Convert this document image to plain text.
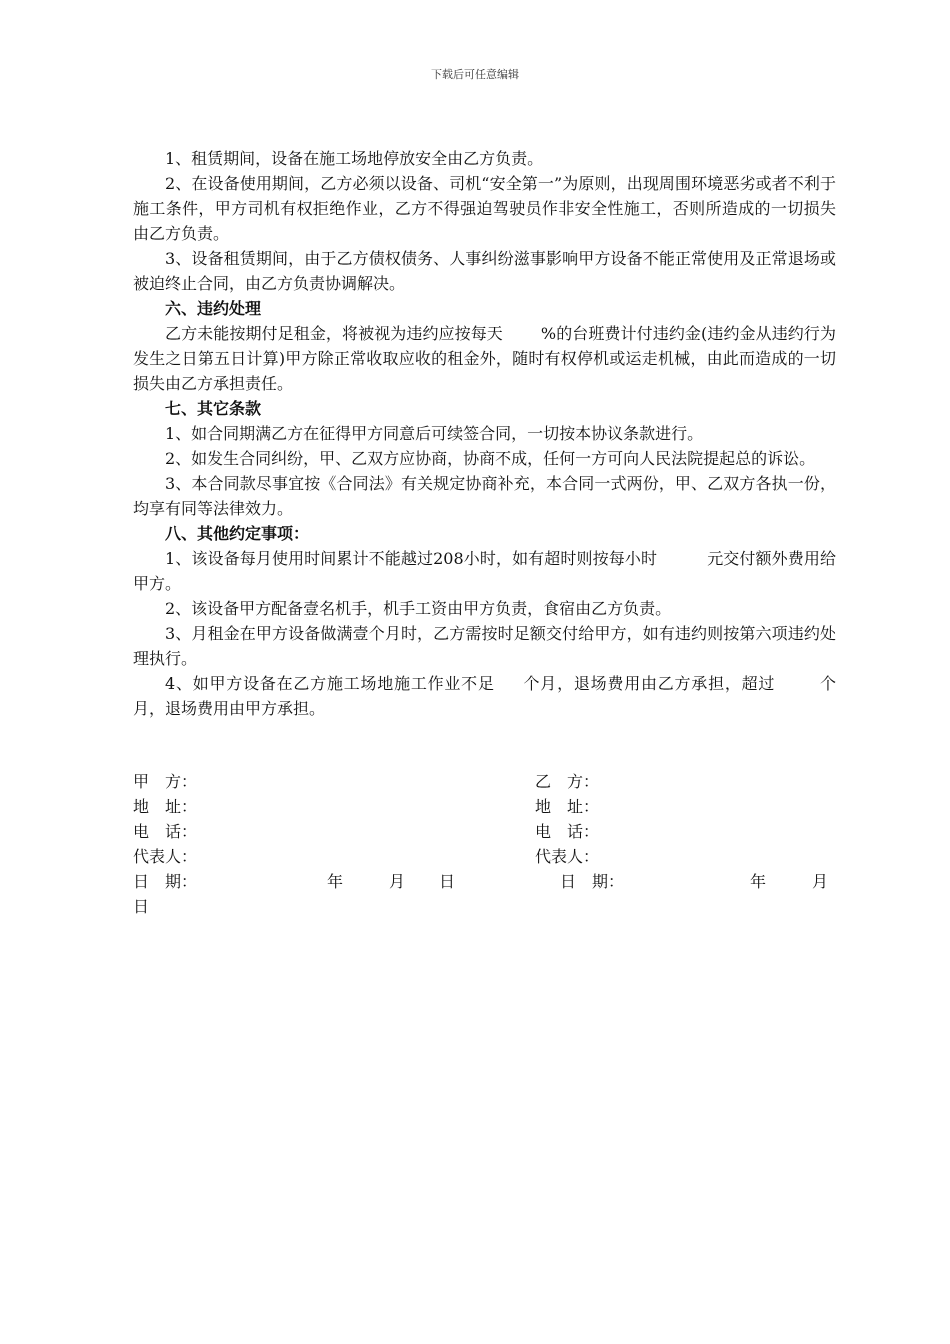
下载后可任意编辑

1、租赁期间，设备在施工场地停放安全由乙方负责。

2、在设备使用期间，乙方必须以设备、司机“安全第一”为原则，出现周围环境恶劣或者不利于施工条件，甲方司机有权拒绝作业，乙方不得强迫驾驶员作非安全性施工，否则所造成的一切损失由乙方负责。

3、设备租赁期间，由于乙方债权债务、人事纠纷滋事影响甲方设备不能正常使用及正常退场或被迫终止合同，由乙方负责协调解决。

六、违约处理

乙方未能按期付足租金，将被视为违约应按每天 %的台班费计付违约金(违约金从违约行为发生之日第五日计算)甲方除正常收取应收的租金外，随时有权停机或运走机械，由此而造成的一切损失由乙方承担责任。

七、其它条款

1、如合同期满乙方在征得甲方同意后可续签合同，一切按本协议条款进行。

2、如发生合同纠纷，甲、乙双方应协商，协商不成，任何一方可向人民法院提起总的诉讼。

3、本合同款尽事宜按《合同法》有关规定协商补充，本合同一式两份，甲、乙双方各执一份，均享有同等法律效力。

八、其他约定事项：

1、该设备每月使用时间累计不能越过208小时，如有超时则按每小时	元交付额外费用给甲方。

2、该设备甲方配备壹名机手，机手工资由甲方负责，食宿由乙方负责。

3、月租金在甲方设备做满壹个月时，乙方需按时足额交付给甲方，如有违约则按第六项违约处理执行。

4、如甲方设备在乙方施工场地施工作业不足 个月，退场费用由乙方承担，超过	个月，退场费用由甲方承担。

甲　方：	乙　方：
地　址：	地　址：
电　话：	电　话：
代表人：	代表人：
日　期：	年	月 日	日　期：	年	月
日
